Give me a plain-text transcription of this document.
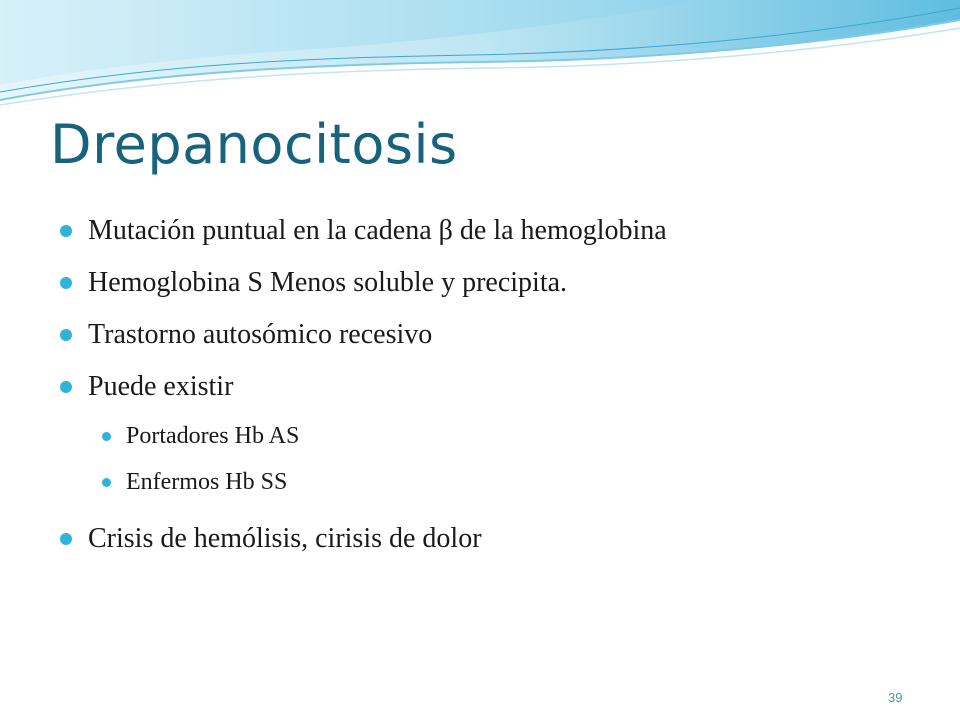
Drepanocitosis
Mutación puntual en la cadena β de la hemoglobina
Hemoglobina S Menos soluble y precipita.
Trastorno autosómico recesivo
Puede existir
Portadores Hb AS
Enfermos Hb SS
Crisis de hemólisis, cirisis de dolor
39
